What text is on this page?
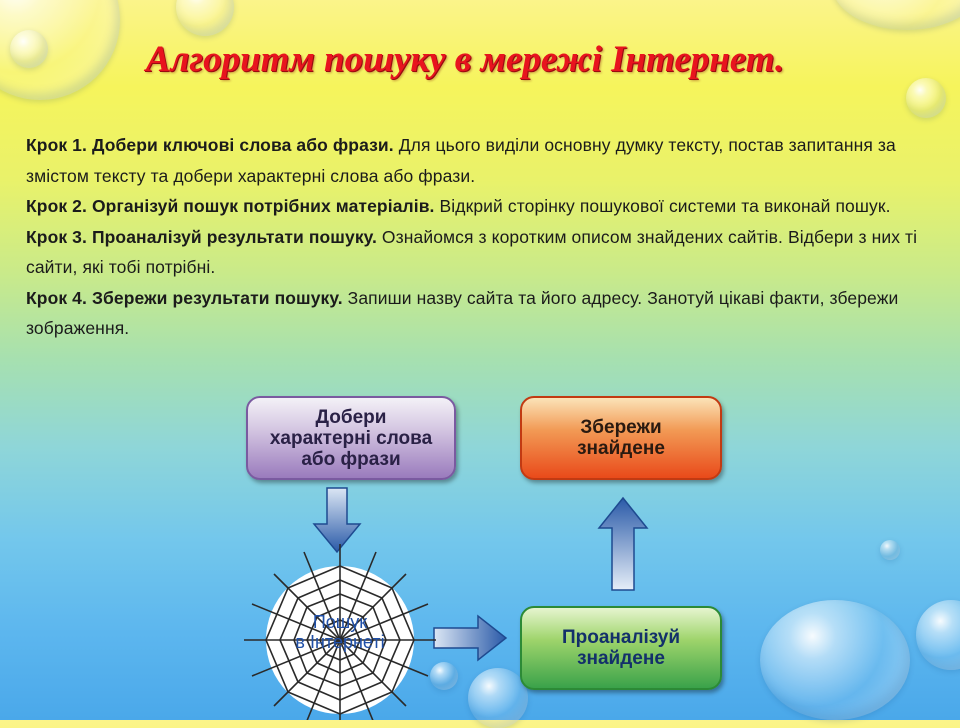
Алгоритм пошуку в мережі Інтернет.

Крок 1. Добери ключові слова або фрази. Для цього виділи основну думку тексту, постав запитання за змістом тексту та добери характерні слова або фрази.

Крок 2. Організуй пошук потрібних матеріалів. Відкрий сторінку пошукової системи та виконай пошук.

Крок 3. Проаналізуй результати пошуку. Ознайомся з коротким описом знайдених сайтів. Відбери з них ті сайти, які тобі потрібні.

Крок 4. Збережи результати пошуку. Запиши назву сайта та його адресу. Занотуй цікаві факти, збережи зображення.

Добери
характерні слова
або фрази
Збережи
знайдене
Проаналізуй
знайдене
Пошук
в Інтернеті
